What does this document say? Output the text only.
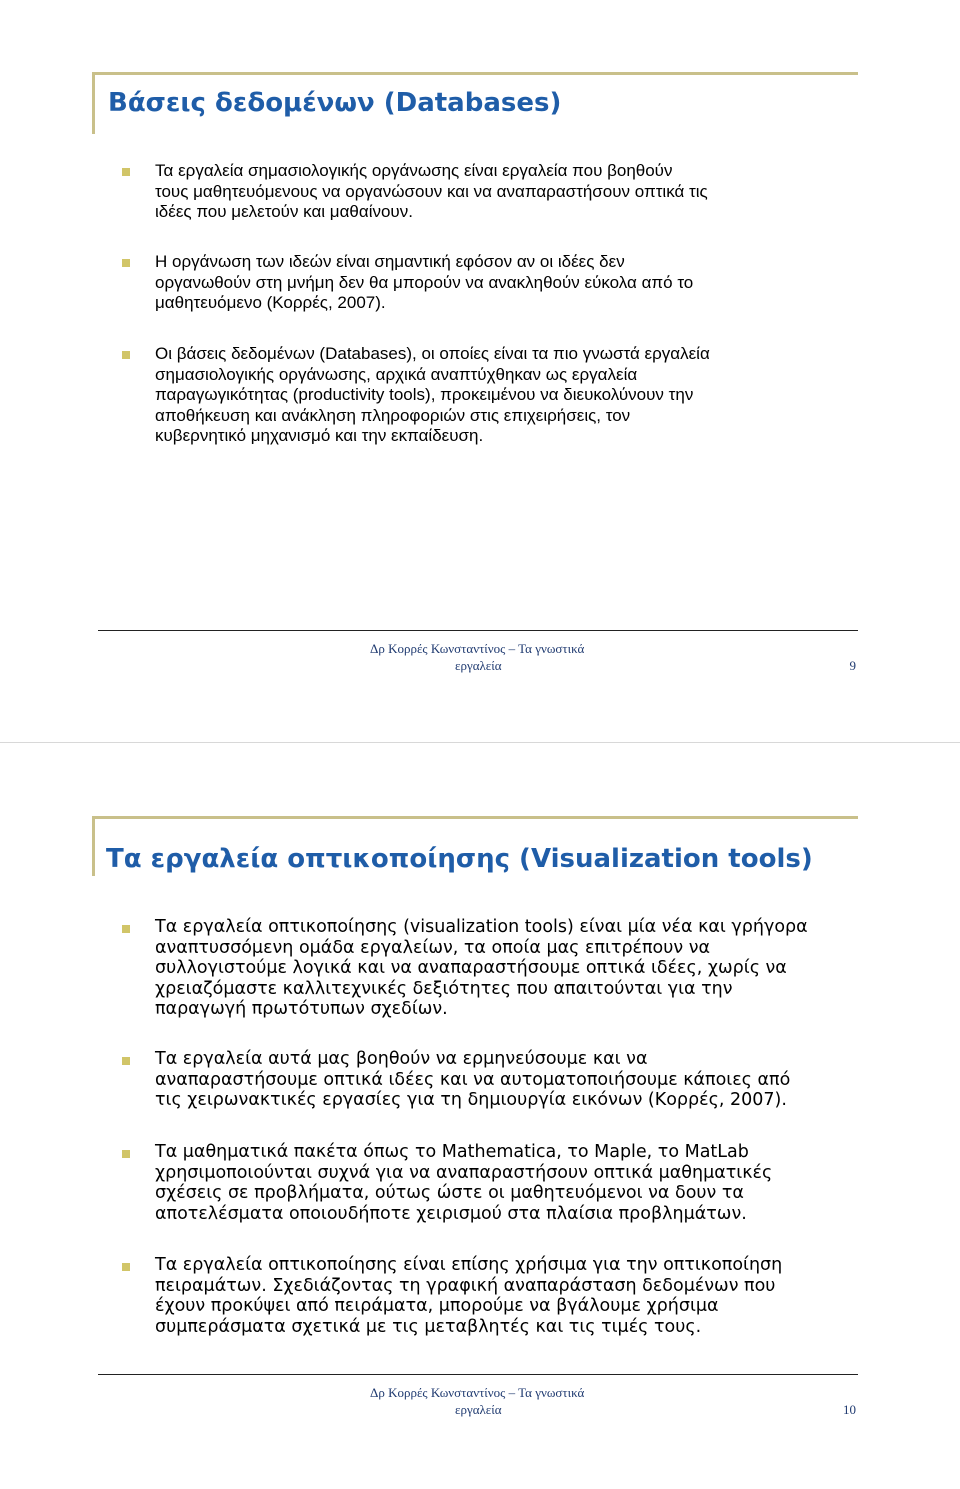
Βάσεις δεδομένων (Databases)
Τα εργαλεία σημασιολογικής οργάνωσης είναι εργαλεία που βοηθούν
τους μαθητευόμενους να οργανώσουν και να αναπαραστήσουν οπτικά τις
ιδέες που μελετούν και μαθαίνουν.
Η οργάνωση των ιδεών είναι σημαντική εφόσον αν οι ιδέες δεν
οργανωθούν στη μνήμη δεν θα μπορούν να ανακληθούν εύκολα από το
μαθητευόμενο (Κορρές, 2007).
Οι βάσεις δεδομένων (Databases), οι οποίες είναι τα πιο γνωστά εργαλεία
σημασιολογικής οργάνωσης, αρχικά αναπτύχθηκαν ως εργαλεία
παραγωγικότητας (productivity tools), προκειμένου να διευκολύνουν την
αποθήκευση και ανάκληση πληροφοριών στις επιχειρήσεις, τον
κυβερνητικό μηχανισμό και την εκπαίδευση.
Δρ Κορρές Κωνσταντίνος – Τα γνωστικά
εργαλεία	9
Τα εργαλεία οπτικοποίησης (Visualization tools)
Τα εργαλεία οπτικοποίησης (visualization tools) είναι μία νέα και γρήγορα
αναπτυσσόμενη ομάδα εργαλείων, τα οποία μας επιτρέπουν να
συλλογιστούμε λογικά και να αναπαραστήσουμε οπτικά ιδέες, χωρίς να
χρειαζόμαστε καλλιτεχνικές δεξιότητες που απαιτούνται για την
παραγωγή πρωτότυπων σχεδίων.
Τα εργαλεία αυτά μας βοηθούν να ερμηνεύσουμε και να
αναπαραστήσουμε οπτικά ιδέες και να αυτοματοποιήσουμε κάποιες από
τις χειρωνακτικές εργασίες για τη δημιουργία εικόνων (Κορρές, 2007).
Τα μαθηματικά πακέτα όπως το Mathematica, το Maple, το MatLab
χρησιμοποιούνται συχνά για να αναπαραστήσουν οπτικά μαθηματικές
σχέσεις σε προβλήματα, ούτως ώστε οι μαθητευόμενοι να δουν τα
αποτελέσματα οποιουδήποτε χειρισμού στα πλαίσια προβλημάτων.
Τα εργαλεία οπτικοποίησης είναι επίσης χρήσιμα για την οπτικοποίηση
πειραμάτων. Σχεδιάζοντας τη γραφική αναπαράσταση δεδομένων που
έχουν προκύψει από πειράματα, μπορούμε να βγάλουμε χρήσιμα
συμπεράσματα σχετικά με τις μεταβλητές και τις τιμές τους.
Δρ Κορρές Κωνσταντίνος – Τα γνωστικά
εργαλεία	10
